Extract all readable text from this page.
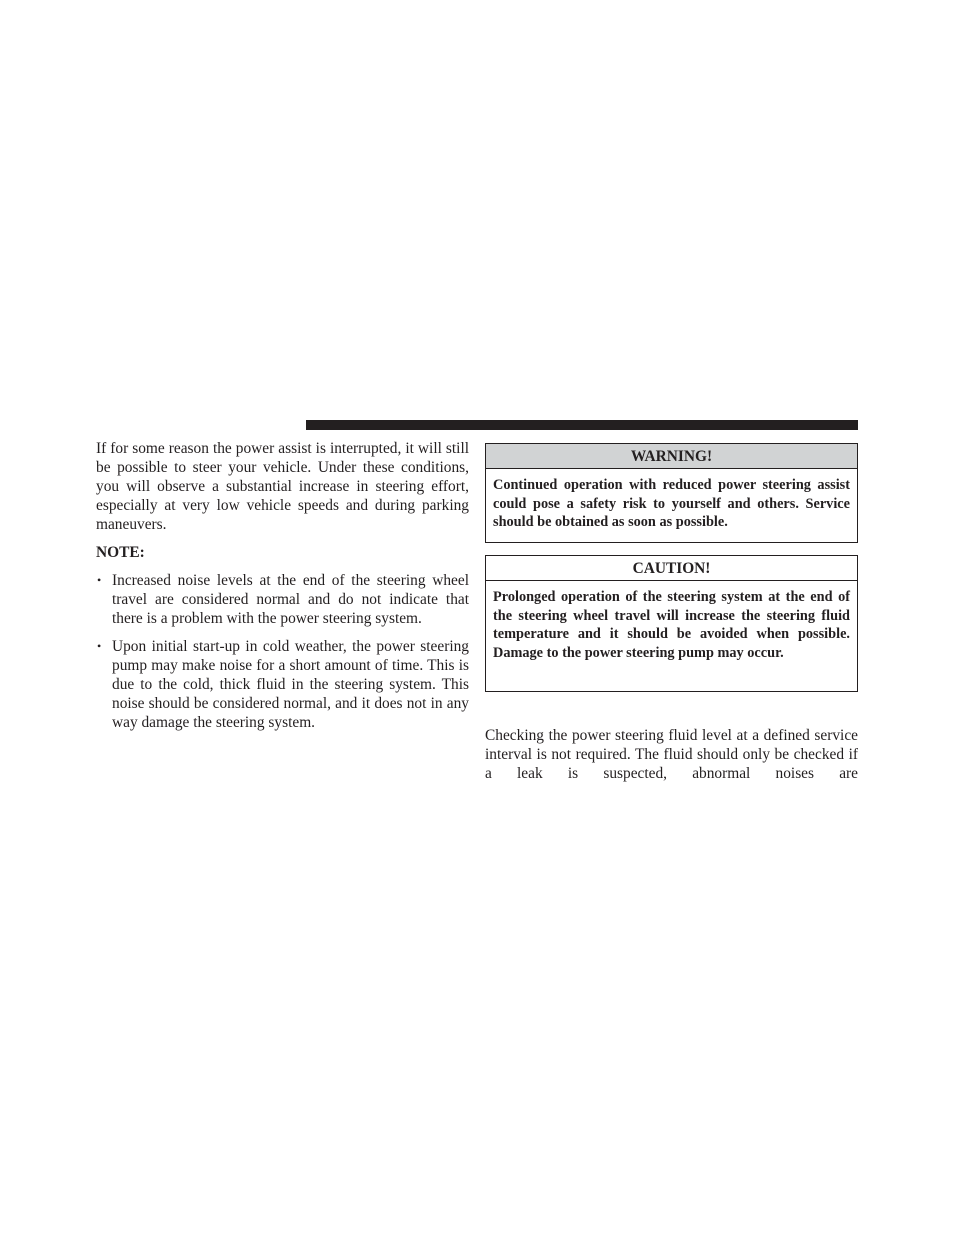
If for some reason the power assist is interrupted, it will still be possible to steer your vehicle. Under these conditions, you will observe a substantial increase in steering effort, especially at very low vehicle speeds and during parking maneuvers.

NOTE:

• Increased noise levels at the end of the steering wheel travel are considered normal and do not indicate that there is a problem with the power steering system.
• Upon initial start-up in cold weather, the power steering pump may make noise for a short amount of time. This is due to the cold, thick fluid in the steering system. This noise should be considered normal, and it does not in any way damage the steering system.
WARNING!
Continued operation with reduced power steering assist could pose a safety risk to yourself and others. Service should be obtained as soon as possible.
CAUTION!
Prolonged operation of the steering system at the end of the steering wheel travel will increase the steering fluid temperature and it should be avoided when possible. Damage to the power steering pump may occur.

Checking the power steering fluid level at a defined service interval is not required. The fluid should only be checked if a leak is suspected, abnormal noises are
